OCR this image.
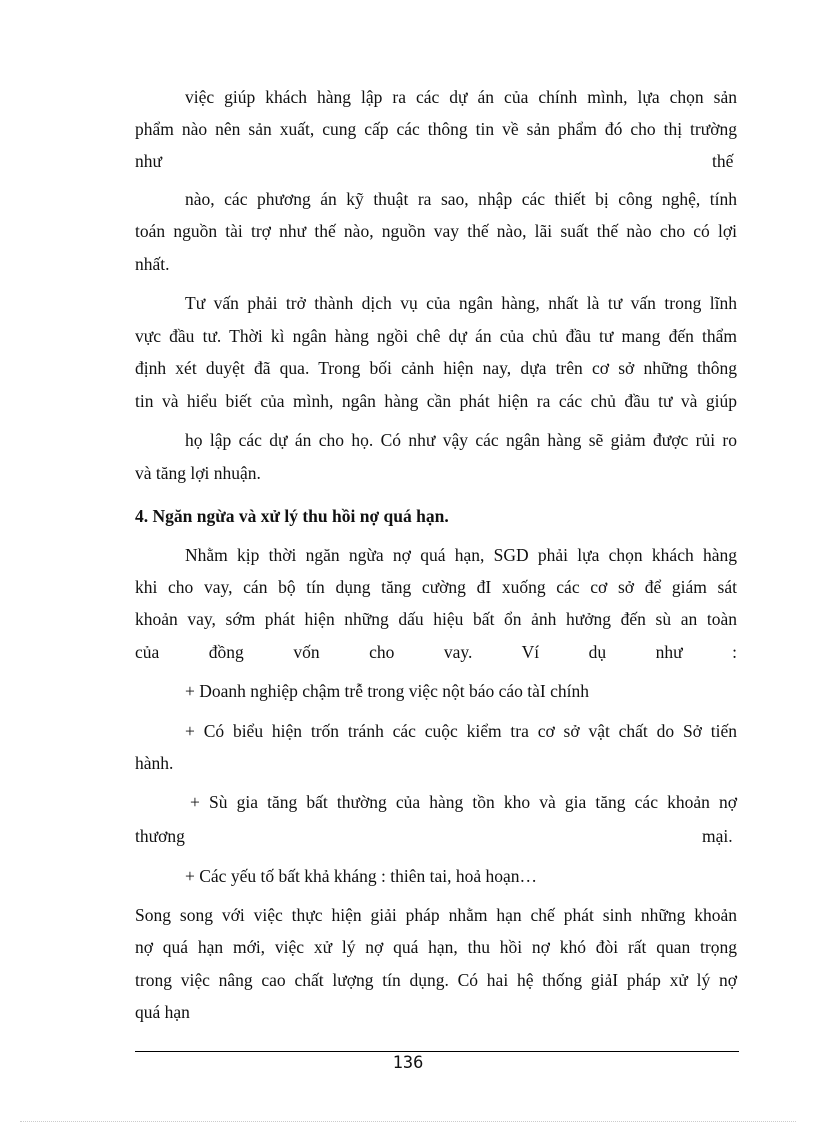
việc giúp khách hàng lập ra các dự án của chính mình, lựa chọn sản
phẩm nào nên sản xuất, cung cấp các thông tin về sản phẩm đó cho thị trường
như	thế
nào, các phương án kỹ thuật ra sao, nhập các thiết bị công nghệ, tính
toán nguồn tài trợ như thế nào, nguồn vay thế nào, lãi suất thế nào cho có lợi
nhất.
Tư vấn phải trở thành dịch vụ của ngân hàng, nhất là tư vấn trong lĩnh
vực đầu tư. Thời kì ngân hàng ngồi chê dự án của chủ đầu tư mang đến thẩm
định xét duyệt đã qua. Trong bối cảnh hiện nay, dựa trên cơ sở những thông
tin và hiểu biết của mình, ngân hàng cần phát hiện ra các chủ đầu tư và giúp
họ lập các dự án cho họ. Có như vậy các ngân hàng sẽ giảm được rủi ro
và tăng lợi nhuận.
4. Ngăn ngừa và xử lý thu hồi nợ quá hạn.
Nhằm kịp thời ngăn ngừa nợ quá hạn, SGD phải lựa chọn khách hàng
khi cho vay, cán bộ tín dụng tăng cường đI xuống các cơ sở để giám sát
khoản vay, sớm phát hiện những dấu hiệu bất ổn ảnh hưởng đến sù an toàn
của đồng vốn cho vay. Ví dụ như :
+ Doanh nghiệp chậm trễ trong việc nột báo cáo tàI chính
+ Có biểu hiện trốn tránh các cuộc kiểm tra cơ sở vật chất do Sở tiến
hành.
+ Sù gia tăng bất thường của hàng tồn kho và gia tăng các khoản nợ
thương	mại.
+ Các yếu tố bất khả kháng : thiên tai, hoả hoạn…
Song song với việc thực hiện giải pháp nhằm hạn chế phát sinh những khoản
nợ quá hạn mới, việc xử lý nợ quá hạn, thu hồi nợ khó đòi rất quan trọng
trong việc nâng cao chất lượng tín dụng. Có hai hệ thống giảI pháp xử lý nợ
quá hạn
136
